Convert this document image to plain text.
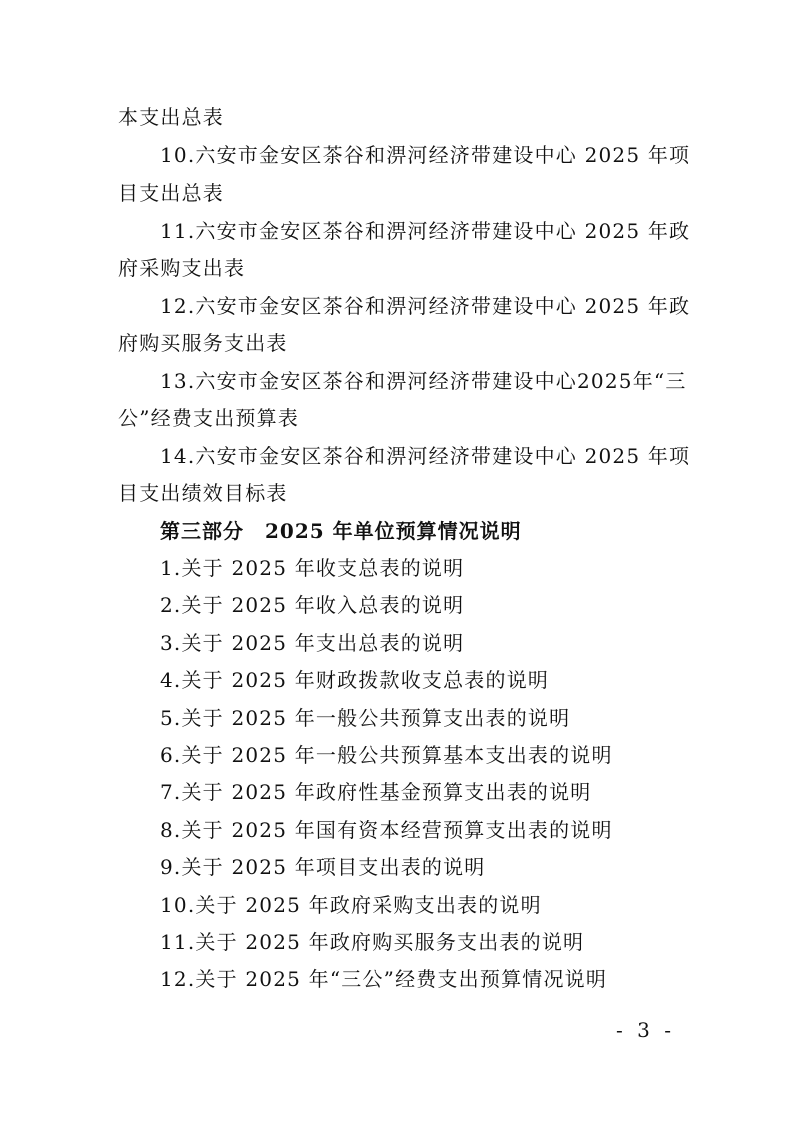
本支出总表
10.六安市金安区茶谷和淠河经济带建设中心 2025 年项
目支出总表
11.六安市金安区茶谷和淠河经济带建设中心 2025 年政
府采购支出表
12.六安市金安区茶谷和淠河经济带建设中心 2025 年政
府购买服务支出表
13.六安市金安区茶谷和淠河经济带建设中心2025年“三
公”经费支出预算表
14.六安市金安区茶谷和淠河经济带建设中心 2025 年项
目支出绩效目标表
第三部分　2025 年单位预算情况说明
1.关于 2025 年收支总表的说明
2.关于 2025 年收入总表的说明
3.关于 2025 年支出总表的说明
4.关于 2025 年财政拨款收支总表的说明
5.关于 2025 年一般公共预算支出表的说明
6.关于 2025 年一般公共预算基本支出表的说明
7.关于 2025 年政府性基金预算支出表的说明
8.关于 2025 年国有资本经营预算支出表的说明
9.关于 2025 年项目支出表的说明
10.关于 2025 年政府采购支出表的说明
11.关于 2025 年政府购买服务支出表的说明
12.关于 2025 年“三公”经费支出预算情况说明
- 3 -
